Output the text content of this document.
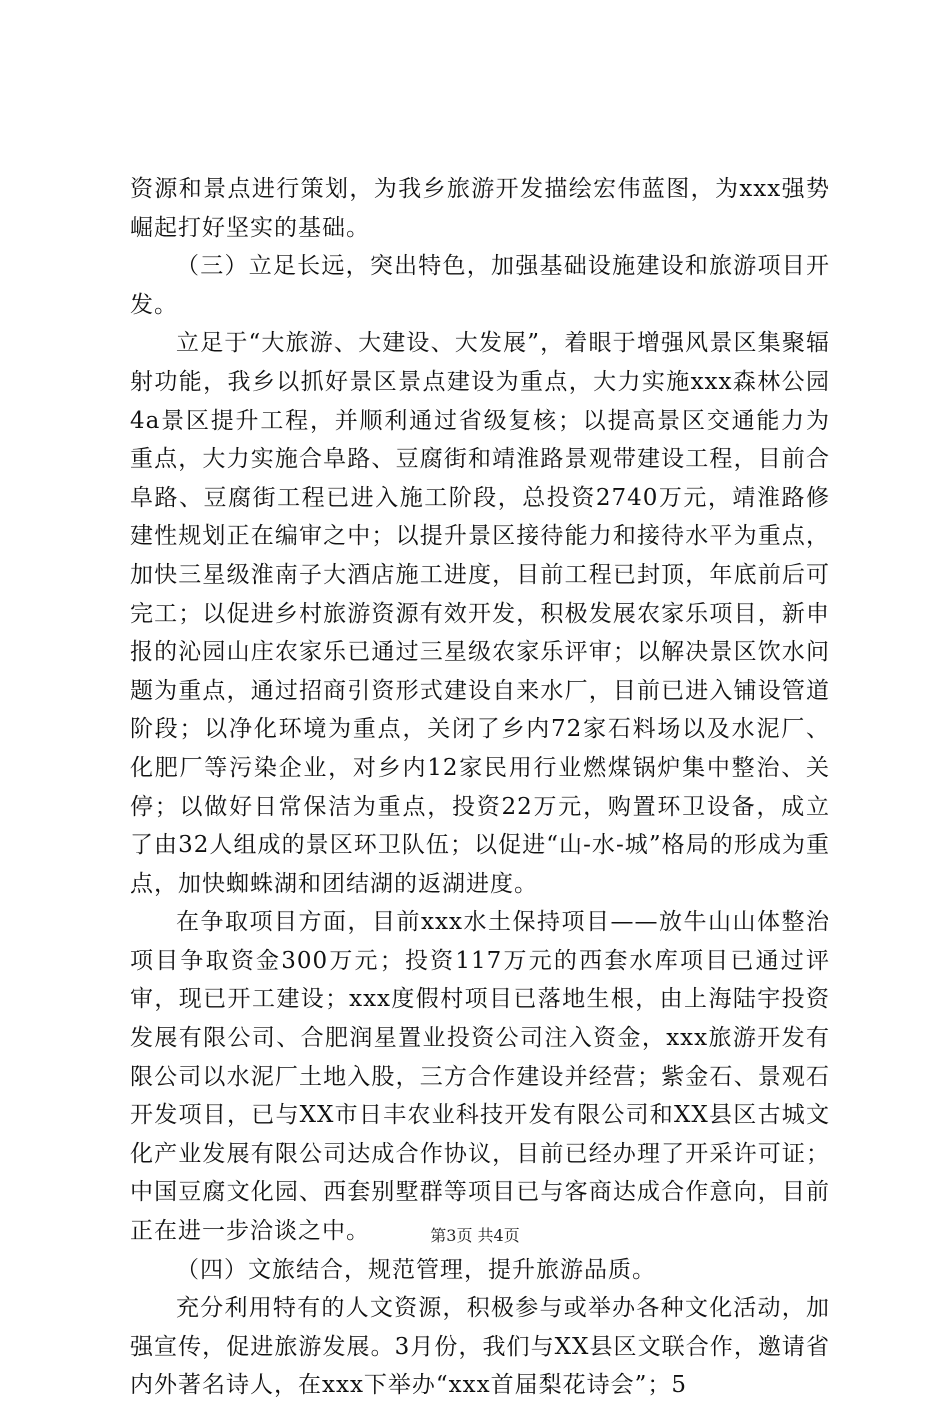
资源和景点进行策划，为我乡旅游开发描绘宏伟蓝图，为xxx强势崛起打好坚实的基础。

（三）立足长远，突出特色，加强基础设施建设和旅游项目开发。

立足于“大旅游、大建设、大发展”，着眼于增强风景区集聚辐射功能，我乡以抓好景区景点建设为重点，大力实施xxx森林公园4a景区提升工程，并顺利通过省级复核；以提高景区交通能力为重点，大力实施合阜路、豆腐街和靖淮路景观带建设工程，目前合阜路、豆腐街工程已进入施工阶段，总投资2740万元，靖淮路修建性规划正在编审之中；以提升景区接待能力和接待水平为重点，加快三星级淮南子大酒店施工进度，目前工程已封顶，年底前后可完工；以促进乡村旅游资源有效开发，积极发展农家乐项目，新申报的沁园山庄农家乐已通过三星级农家乐评审；以解决景区饮水问题为重点，通过招商引资形式建设自来水厂，目前已进入铺设管道阶段；以净化环境为重点，关闭了乡内72家石料场以及水泥厂、化肥厂等污染企业，对乡内12家民用行业燃煤锅炉集中整治、关停；以做好日常保洁为重点，投资22万元，购置环卫设备，成立了由32人组成的景区环卫队伍；以促进“山-水-城”格局的形成为重点，加快蜘蛛湖和团结湖的返湖进度。

在争取项目方面，目前xxx水土保持项目——放牛山山体整治项目争取资金300万元；投资117万元的西套水库项目已通过评审，现已开工建设；xxx度假村项目已落地生根，由上海陆宇投资发展有限公司、合肥润星置业投资公司注入资金，xxx旅游开发有限公司以水泥厂土地入股，三方合作建设并经营；紫金石、景观石开发项目，已与XX市日丰农业科技开发有限公司和XX县区古城文化产业发展有限公司达成合作协议，目前已经办理了开采许可证；中国豆腐文化园、西套别墅群等项目已与客商达成合作意向，目前正在进一步洽谈之中。

（四）文旅结合，规范管理，提升旅游品质。

充分利用特有的人文资源，积极参与或举办各种文化活动，加强宣传，促进旅游发展。3月份，我们与XX县区文联合作，邀请省内外著名诗人，在xxx下举办“xxx首届梨花诗会”；5

第3页 共4页
